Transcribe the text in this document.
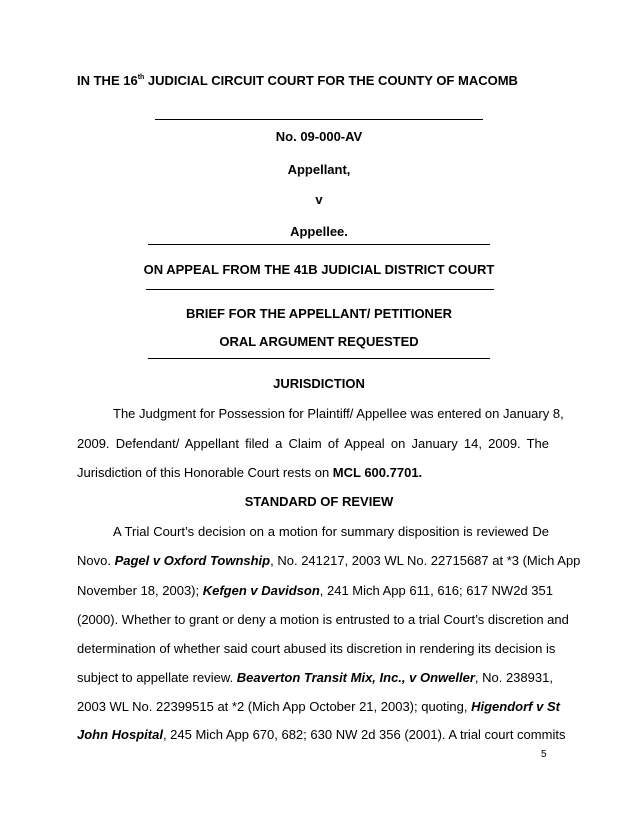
IN THE 16th JUDICIAL CIRCUIT COURT FOR THE COUNTY OF MACOMB
No. 09-000-AV
Appellant,
v
Appellee.
ON APPEAL FROM THE 41B JUDICIAL DISTRICT COURT
BRIEF FOR THE APPELLANT/ PETITIONER
ORAL ARGUMENT REQUESTED
JURISDICTION
The Judgment for Possession for Plaintiff/ Appellee was entered on January 8,
2009. Defendant/ Appellant filed a Claim of Appeal on January 14, 2009. The
Jurisdiction of this Honorable Court rests on MCL 600.7701.
STANDARD OF REVIEW
A Trial Court’s decision on a motion for summary disposition is reviewed De
Novo. Pagel v Oxford Township, No. 241217, 2003 WL No. 22715687 at *3 (Mich App
November 18, 2003); Kefgen v Davidson, 241 Mich App 611, 616; 617 NW2d 351
(2000). Whether to grant or deny a motion is entrusted to a trial Court’s discretion and
determination of whether said court abused its discretion in rendering its decision is
subject to appellate review. Beaverton Transit Mix, Inc., v Onweller, No. 238931,
2003 WL No. 22399515 at *2 (Mich App October 21, 2003); quoting, Higendorf v St
John Hospital, 245 Mich App 670, 682; 630 NW 2d 356 (2001). A trial court commits
5
